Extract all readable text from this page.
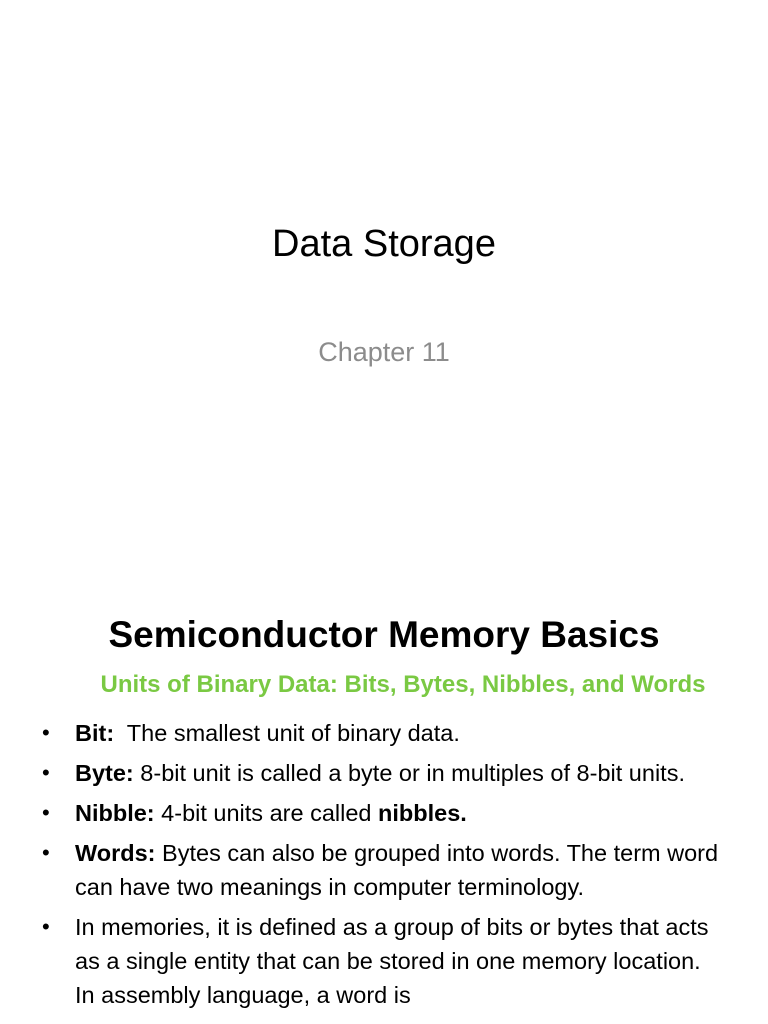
Data Storage
Chapter 11
Semiconductor Memory Basics
Units of Binary Data: Bits, Bytes, Nibbles, and Words
•	Bit:  The smallest unit of binary data.
•	Byte: 8-bit unit is called a byte or in multiples of 8-bit units.
•	Nibble: 4-bit units are called nibbles.
•	Words: Bytes can also be grouped into words. The term word can have two meanings in computer terminology.
•	In memories, it is defined as a group of bits or bytes that acts as a single entity that can be stored in one memory location. In assembly language, a word is
